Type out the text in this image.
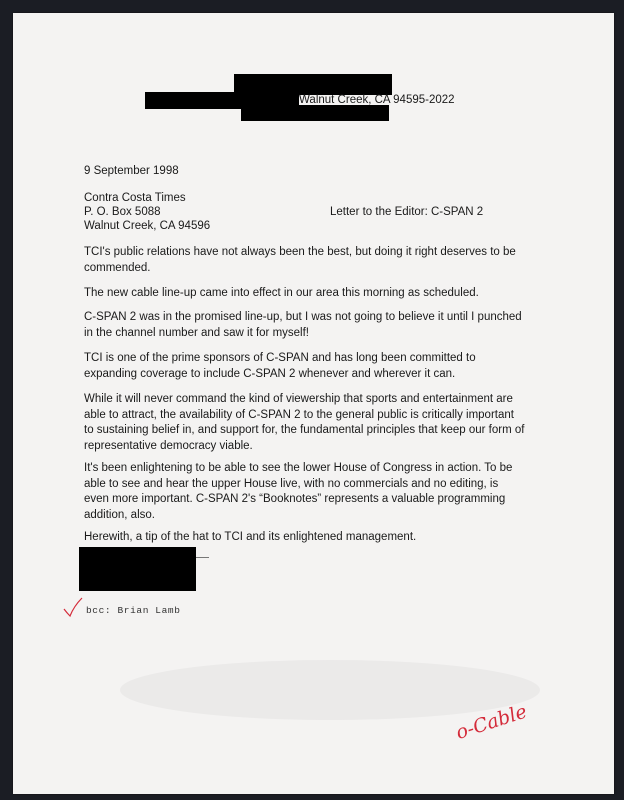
Walnut Creek, CA 94595-2022
9 September 1998
Contra Costa Times
P. O. Box 5088
Walnut Creek, CA 94596
Letter to the Editor: C-SPAN 2
TCI's public relations have not always been the best, but doing it right deserves to be
commended.
The new cable line-up came into effect in our area this morning as scheduled.
C-SPAN 2 was in the promised line-up, but I was not going to believe it until I punched
in the channel number and saw it for myself!
TCI is one of the prime sponsors of C-SPAN and has long been committed to
expanding coverage to include C-SPAN 2 whenever and wherever it can.
While it will never command the kind of viewership that sports and entertainment are
able to attract, the availability of C-SPAN 2 to the general public is critically important
to sustaining belief in, and support for, the fundamental principles that keep our form of
representative democracy viable.
It's been enlightening to be able to see the lower House of Congress in action. To be
able to see and hear the upper House live, with no commercials and no editing, is
even more important. C-SPAN 2's “Booknotes” represents a valuable programming
addition, also.
Herewith, a tip of the hat to TCI and its enlightened management.
bcc: Brian Lamb
o-Cable
